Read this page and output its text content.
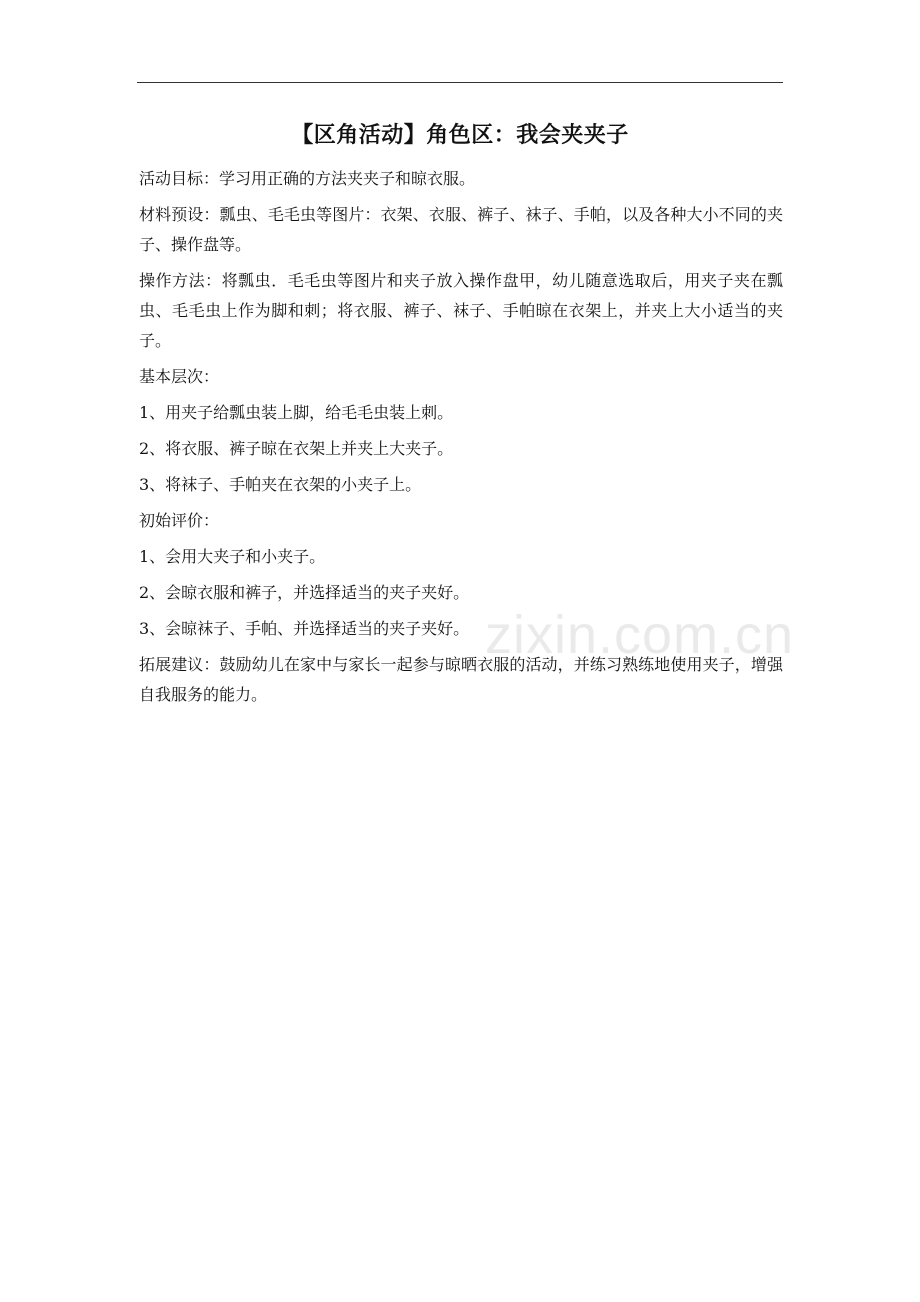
【区角活动】角色区：我会夹夹子

活动目标：学习用正确的方法夹夹子和晾衣服。

材料预设：瓢虫、毛毛虫等图片：衣架、衣服、裤子、袜子、手帕，以及各种大小不同的夹子、操作盘等。

操作方法：将瓢虫．毛毛虫等图片和夹子放入操作盘甲，幼儿随意选取后，用夹子夹在瓢虫、毛毛虫上作为脚和刺；将衣服、裤子、袜子、手帕晾在衣架上，并夹上大小适当的夹子。

基本层次：

1、用夹子给瓢虫装上脚，给毛毛虫装上刺。

2、将衣服、裤子晾在衣架上并夹上大夹子。

3、将袜子、手帕夹在衣架的小夹子上。

初始评价：

1、会用大夹子和小夹子。

2、会晾衣服和裤子，并选择适当的夹子夹好。

3、会晾袜子、手帕、并选择适当的夹子夹好。

拓展建议：鼓励幼儿在家中与家长一起参与晾晒衣服的活动，并练习熟练地使用夹子，增强自我服务的能力。

zixin.com.cn
